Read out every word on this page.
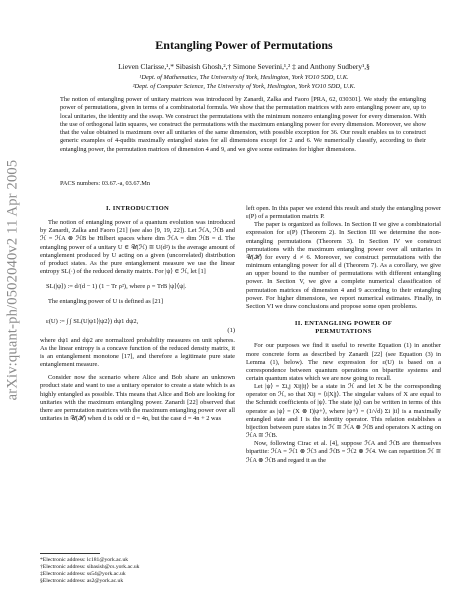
arXiv:quant-ph/0502040v2 11 Apr 2005
Entangling Power of Permutations
Lieven Clarisse,¹,* Sibasish Ghosh,²,† Simone Severini,¹,² ‡ and Anthony Sudbery¹,§
¹Dept. of Mathematics, The University of York, Heslington, York YO10 5DD, U.K.
²Dept. of Computer Science, The University of York, Heslington, York YO10 5DD, U.K.
The notion of entangling power of unitary matrices was introduced by Zanardi, Zalka and Faoro [PRA, 62, 030301]. We study the entangling power of permutations, given in terms of a combinatorial formula. We show that the permutation matrices with zero entangling power are, up to local unitaries, the identity and the swap. We construct the permutations with the minimum nonzero entangling power for every dimension. With the use of orthogonal latin squares, we construct the permutations with the maximum entangling power for every dimension. Moreover, we show that the value obtained is maximum over all unitaries of the same dimension, with possible exception for 36. Our result enables us to construct generic examples of 4-qudits maximally entangled states for all dimensions except for 2 and 6. We numerically classify, according to their entangling power, the permutation matrices of dimension 4 and 9, and we give some estimates for higher dimensions.
PACS numbers: 03.67.-a, 03.67.Mn
I. INTRODUCTION
The notion of entangling power of a quantum evolution was introduced by Zanardi, Zalka and Faoro [21] (see also [9, 19, 22]). Let ℋA, ℋB and ℋ = ℋA ⊗ ℋB be Hilbert spaces where dim ℋA = dim ℋB = d. The entangling power of a unitary U ∈ 𝒰(ℋ) ≅ U(d²) is the average amount of entanglement produced by U acting on a given (uncorrelated) distribution of product states. As the pure entanglement measure we use the linear entropy SL(·) of the reduced density matrix. For |ψ⟩ ∈ ℋ, let [1]
SL(|ψ⟩) := d/(d − 1) (1 − Tr ρ²), where ρ = TrB |ψ⟩⟨ψ|.
The entangling power of U is defined as [21]
ε(U) := ∫ ∫ SL(U|ψ1⟩|ψ2⟩) dψ1 dψ2,
(1)
where dψ1 and dψ2 are normalized probability measures on unit spheres. As the linear entropy is a concave function of the reduced density matrix, it is an entanglement monotone [17], and therefore a legitimate pure state entanglement measure.
Consider now the scenario where Alice and Bob share an unknown product state and want to use a unitary operator to create a state which is as highly entangled as possible. This means that Alice and Bob are looking for unitaries with the maximum entangling power. Zanardi [22] observed that there are permutation matrices with the maximum entangling power over all unitaries in 𝒰(ℋ) when d is odd or d = 4n, but the case d = 4n + 2 was
*Electronic address: lc181@york.ac.uk
†Electronic address: sibasish@cs.york.ac.uk
‡Electronic address: ss54@york.ac.uk
§Electronic address: as2@york.ac.uk
left open. In this paper we extend this result and study the entangling power ε(P) of a permutation matrix P.
The paper is organized as follows. In Section II we give a combinatorial expression for ε(P) (Theorem 2). In Section III we determine the non-entangling permutations (Theorem 3). In Section IV we construct permutations with the maximum entangling power over all unitaries in 𝒰(ℋ) for every d ≠ 6. Moreover, we construct permutations with the minimum entangling power for all d (Theorem 7). As a corollary, we give an upper bound to the number of permutations with different entangling power. In Section V, we give a complete numerical classification of permutation matrices of dimension 4 and 9 according to their entangling power. For higher dimensions, we report numerical estimates. Finally, in Section VI we draw conclusions and propose some open problems.
II. ENTANGLING POWER OF
PERMUTATIONS
For our purposes we find it useful to rewrite Equation (1) in another more concrete form as described by Zanardi [22] (see Equation (3) in Lemma (1), below). The new expression for ε(U) is based on a correspondence between quantum operations on bipartite systems and certain quantum states which we are now going to recall.
Let |ψ⟩ = Σi,j Xij|ij⟩ be a state in ℋ and let X be the corresponding operator on ℋ, so that Xij = ⟨i|X|j⟩. The singular values of X are equal to the Schmidt coefficients of |ψ⟩. The state |ψ⟩ can be written in terms of this operator as |ψ⟩ = (X ⊗ I)|ψ+⟩, where |ψ+⟩ = (1/√d) Σi |ii⟩ is a maximally entangled state and I is the identity operator. This relation establishes a bijection between pure states in ℋ ≅ ℋA ⊗ ℋB and operators X acting on ℋA ≅ ℋB.
Now, following Cirac et al. [4], suppose ℋA and ℋB are themselves bipartite: ℋA = ℋ1 ⊗ ℋ3 and ℋB = ℋ2 ⊗ ℋ4. We can repartition ℋ ≅ ℋA ⊗ ℋB and regard it as the
